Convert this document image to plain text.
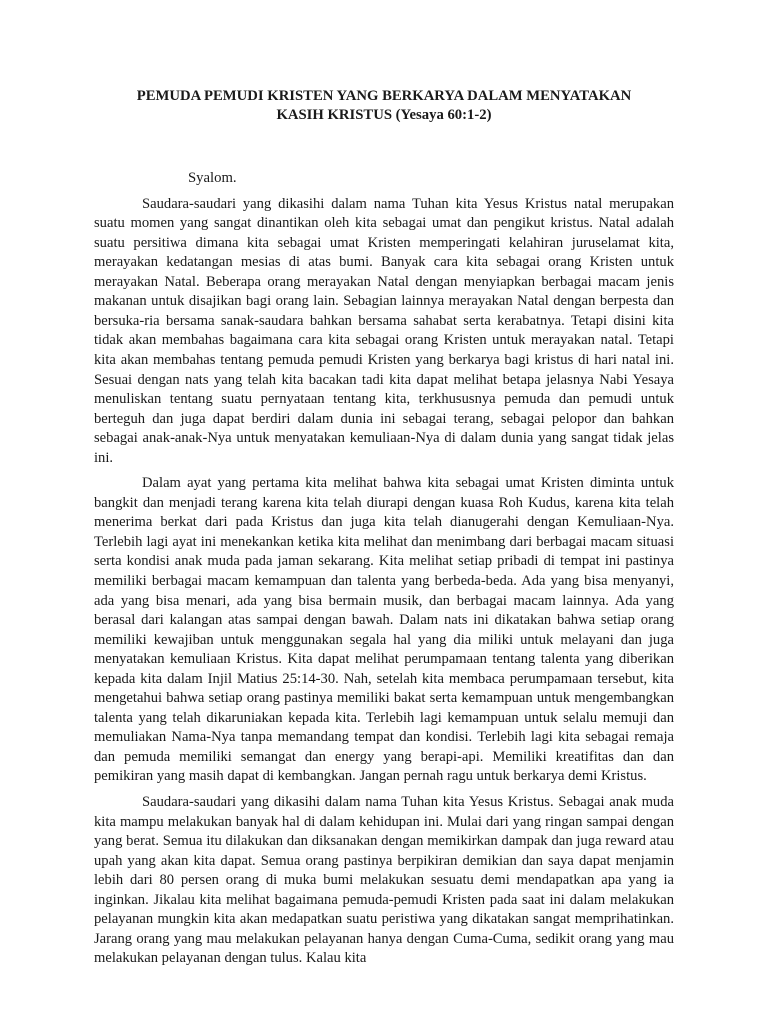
PEMUDA PEMUDI KRISTEN YANG BERKARYA DALAM MENYATAKAN
KASIH KRISTUS (Yesaya 60:1-2)

Syalom.

Saudara-saudari yang dikasihi dalam nama Tuhan kita Yesus Kristus natal merupakan suatu momen yang sangat dinantikan oleh kita sebagai umat dan pengikut kristus. Natal adalah suatu persitiwa dimana kita sebagai umat Kristen memperingati kelahiran juruselamat kita, merayakan kedatangan mesias di atas bumi. Banyak cara kita sebagai orang Kristen untuk merayakan Natal. Beberapa orang merayakan Natal dengan menyiapkan berbagai macam jenis makanan untuk disajikan bagi orang lain. Sebagian lainnya merayakan Natal dengan berpesta dan bersuka-ria bersama sanak-saudara bahkan bersama sahabat serta kerabatnya. Tetapi disini kita tidak akan membahas bagaimana cara kita sebagai orang Kristen untuk merayakan natal. Tetapi kita akan membahas tentang pemuda pemudi Kristen yang berkarya bagi kristus di hari natal ini. Sesuai dengan nats yang telah kita bacakan tadi kita dapat melihat betapa jelasnya Nabi Yesaya menuliskan tentang suatu pernyataan tentang kita, terkhususnya pemuda dan pemudi untuk berteguh dan juga dapat berdiri dalam dunia ini sebagai terang, sebagai pelopor dan bahkan sebagai anak-anak-Nya untuk menyatakan kemuliaan-Nya di dalam dunia yang sangat tidak jelas ini.

Dalam ayat yang pertama kita melihat bahwa kita sebagai umat Kristen diminta untuk bangkit dan menjadi terang karena kita telah diurapi dengan kuasa Roh Kudus, karena kita telah menerima berkat dari pada Kristus dan juga kita telah dianugerahi dengan Kemuliaan-Nya. Terlebih lagi ayat ini menekankan ketika kita melihat dan menimbang dari berbagai macam situasi serta kondisi anak muda pada jaman sekarang. Kita melihat setiap pribadi di tempat ini pastinya memiliki berbagai macam kemampuan dan talenta yang berbeda-beda. Ada yang bisa menyanyi, ada yang bisa menari, ada yang bisa bermain musik, dan berbagai macam lainnya. Ada yang berasal dari kalangan atas sampai dengan bawah. Dalam nats ini dikatakan bahwa setiap orang memiliki kewajiban untuk menggunakan segala hal yang dia miliki untuk melayani dan juga menyatakan kemuliaan Kristus. Kita dapat melihat perumpamaan tentang talenta yang diberikan kepada kita dalam Injil Matius 25:14-30. Nah, setelah kita membaca perumpamaan tersebut, kita mengetahui bahwa setiap orang pastinya memiliki bakat serta kemampuan untuk mengembangkan talenta yang telah dikaruniakan kepada kita. Terlebih lagi kemampuan untuk selalu memuji dan memuliakan Nama-Nya tanpa memandang tempat dan kondisi. Terlebih lagi kita sebagai remaja dan pemuda memiliki semangat dan energy yang berapi-api. Memiliki kreatifitas dan dan pemikiran yang masih dapat di kembangkan. Jangan pernah ragu untuk berkarya demi Kristus.

Saudara-saudari yang dikasihi dalam nama Tuhan kita Yesus Kristus. Sebagai anak muda kita mampu melakukan banyak hal di dalam kehidupan ini. Mulai dari yang ringan sampai dengan yang berat. Semua itu dilakukan dan diksanakan dengan memikirkan dampak dan juga reward atau upah yang akan kita dapat. Semua orang pastinya berpikiran demikian dan saya dapat menjamin lebih dari 80 persen orang di muka bumi melakukan sesuatu demi mendapatkan apa yang ia inginkan. Jikalau kita melihat bagaimana pemuda-pemudi Kristen pada saat ini dalam melakukan pelayanan mungkin kita akan medapatkan suatu peristiwa yang dikatakan sangat memprihatinkan. Jarang orang yang mau melakukan pelayanan hanya dengan Cuma-Cuma, sedikit orang yang mau melakukan pelayanan dengan tulus. Kalau kita
